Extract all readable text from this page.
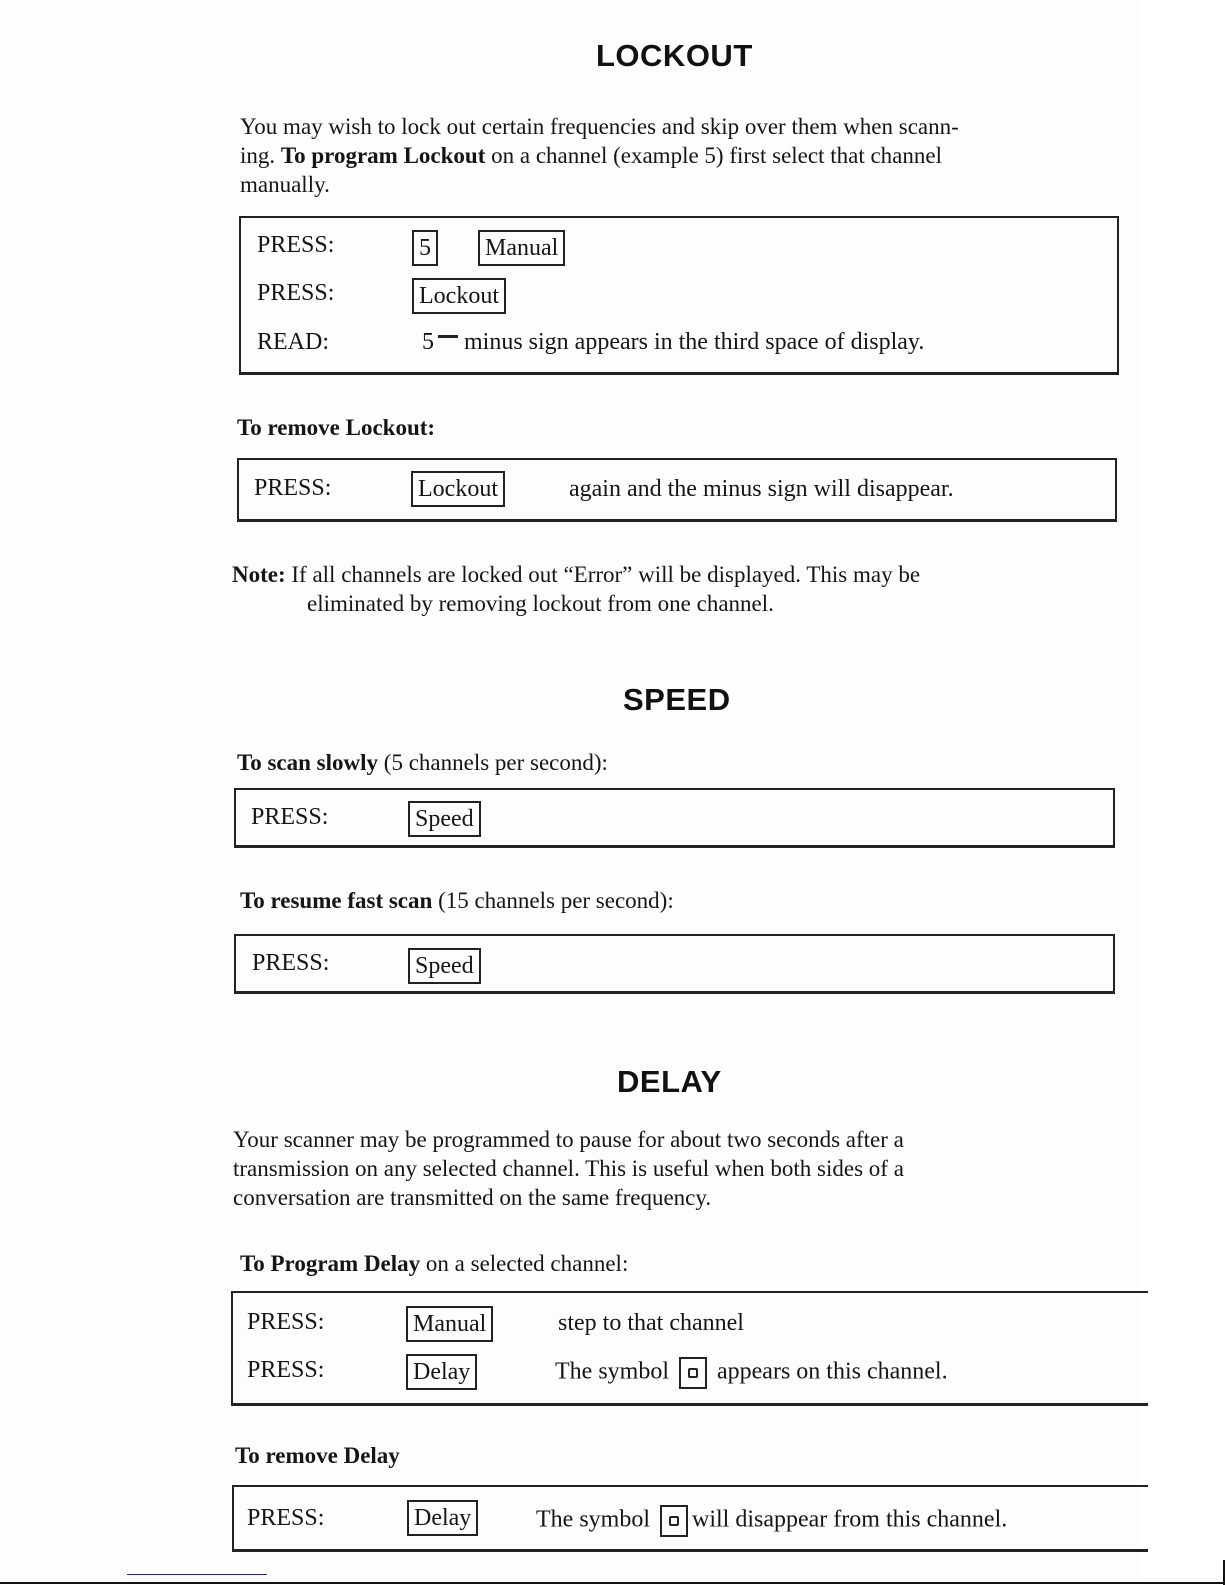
LOCKOUT
You may wish to lock out certain frequencies and skip over them when scann-
ing. To program Lockout on a channel (example 5) first select that channel
manually.
PRESS:	5 Manual
PRESS:	Lockout
READ:	5 minus sign appears in the third space of display.
To remove Lockout:
PRESS:	Lockout	again and the minus sign will disappear.
Note: If all channels are locked out “Error” will be displayed. This may be
eliminated by removing lockout from one channel.
SPEED
To scan slowly (5 channels per second):
PRESS:	Speed
To resume fast scan (15 channels per second):
PRESS:	Speed
DELAY
Your scanner may be programmed to pause for about two seconds after a
transmission on any selected channel. This is useful when both sides of a
conversation are transmitted on the same frequency.
To Program Delay on a selected channel:
PRESS:	Manual	step to that channel
PRESS:	Delay	The symbol appears on this channel.
To remove Delay
PRESS:	Delay	The symbol will disappear from this channel.
